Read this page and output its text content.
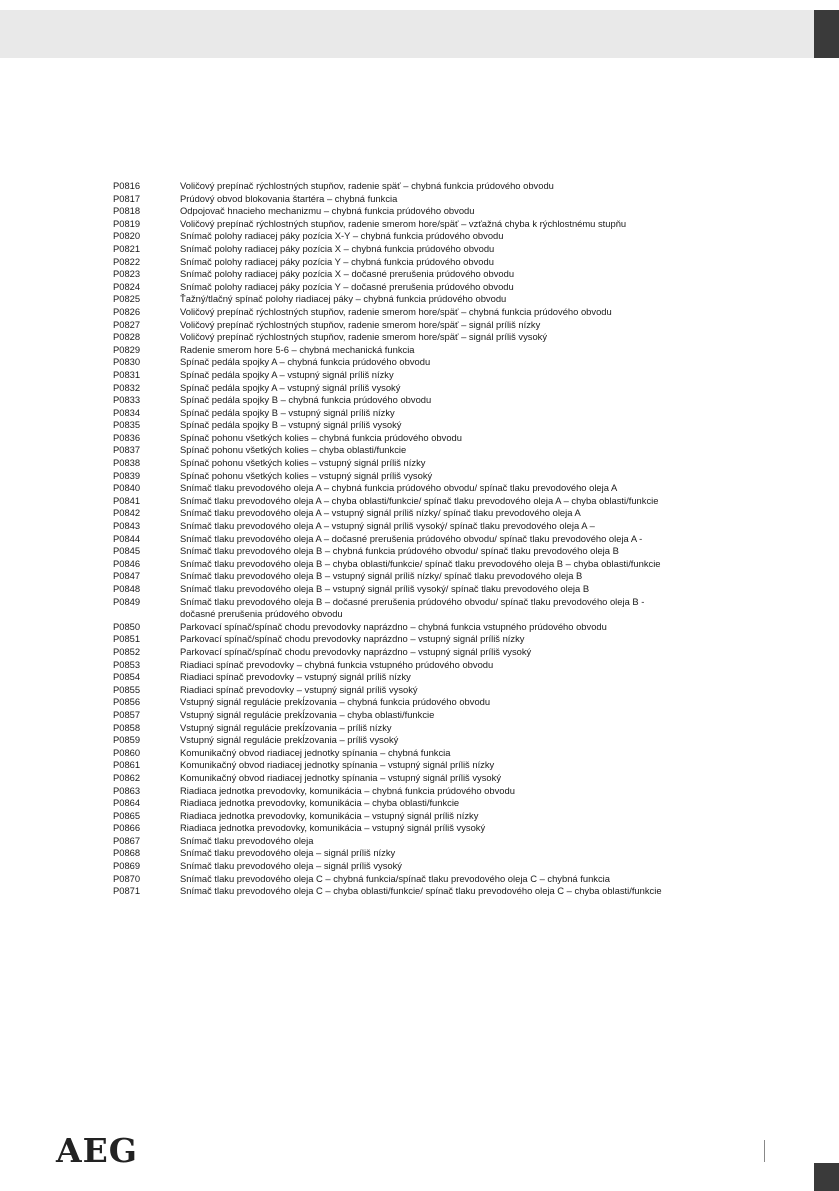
P0816	Voličový prepínač rýchlostných stupňov, radenie späť – chybná funkcia prúdového obvodu
P0817	Prúdový obvod blokovania štartéra – chybná funkcia
P0818	Odpojovač hnacieho mechanizmu – chybná funkcia prúdového obvodu
P0819	Voličový prepínač rýchlostných stupňov, radenie smerom hore/späť – vzťažná chyba k rýchlostnému stupňu
P0820	Snímač polohy radiacej páky pozícia X-Y – chybná funkcia prúdového obvodu
P0821	Snímač polohy radiacej páky pozícia X – chybná funkcia prúdového obvodu
P0822	Snímač polohy radiacej páky pozícia Y – chybná funkcia prúdového obvodu
P0823	Snímač polohy radiacej páky pozícia X – dočasné prerušenia prúdového obvodu
P0824	Snímač polohy radiacej páky pozícia Y – dočasné prerušenia prúdového obvodu
P0825	Ťažný/tlačný spínač polohy riadiacej páky – chybná funkcia prúdového obvodu
P0826	Voličový prepínač rýchlostných stupňov, radenie smerom hore/späť – chybná funkcia prúdového obvodu
P0827	Voličový prepínač rýchlostných stupňov, radenie smerom hore/späť – signál príliš nízky
P0828	Voličový prepínač rýchlostných stupňov, radenie smerom hore/späť – signál príliš vysoký
P0829	Radenie smerom hore 5-6 – chybná mechanická funkcia
P0830	Spínač pedála spojky A – chybná funkcia prúdového obvodu
P0831	Spínač pedála spojky A – vstupný signál príliš nízky
P0832	Spínač pedála spojky A – vstupný signál príliš vysoký
P0833	Spínač pedála spojky B – chybná funkcia prúdového obvodu
P0834	Spínač pedála spojky B – vstupný signál príliš nízky
P0835	Spínač pedála spojky B – vstupný signál príliš vysoký
P0836	Spínač pohonu všetkých kolies – chybná funkcia prúdového obvodu
P0837	Spínač pohonu všetkých kolies – chyba oblasti/funkcie
P0838	Spínač pohonu všetkých kolies – vstupný signál príliš nízky
P0839	Spínač pohonu všetkých kolies – vstupný signál príliš vysoký
P0840	Snímač tlaku prevodového oleja A – chybná funkcia prúdového obvodu/ spínač tlaku prevodového oleja A
P0841	Snímač tlaku prevodového oleja A – chyba oblasti/funkcie/ spínač tlaku prevodového oleja A – chyba oblasti/funkcie
P0842	Snímač tlaku prevodového oleja A – vstupný signál príliš nízky/ spínač tlaku prevodového oleja A
P0843	Snímač tlaku prevodového oleja A – vstupný signál príliš vysoký/ spínač tlaku prevodového oleja A –
P0844	Snímač tlaku prevodového oleja A – dočasné prerušenia prúdového obvodu/ spínač tlaku prevodového oleja A -
P0845	Snímač tlaku prevodového oleja B – chybná funkcia prúdového obvodu/ spínač tlaku prevodového oleja B
P0846	Snímač tlaku prevodového oleja B – chyba oblasti/funkcie/ spínač tlaku prevodového oleja B – chyba oblasti/funkcie
P0847	Snímač tlaku prevodového oleja B – vstupný signál príliš nízky/ spínač tlaku prevodového oleja B
P0848	Snímač tlaku prevodového oleja B – vstupný signál príliš vysoký/ spínač tlaku prevodového oleja B
P0849	Snímač tlaku prevodového oleja B – dočasné prerušenia prúdového obvodu/ spínač tlaku prevodového oleja B -
dočasné prerušenia prúdového obvodu
P0850	Parkovací spínač/spínač chodu prevodovky naprázdno – chybná funkcia vstupného prúdového obvodu
P0851	Parkovací spínač/spínač chodu prevodovky naprázdno – vstupný signál príliš nízky
P0852	Parkovací spínač/spínač chodu prevodovky naprázdno – vstupný signál príliš vysoký
P0853	Riadiaci spínač prevodovky – chybná funkcia vstupného prúdového obvodu
P0854	Riadiaci spínač prevodovky – vstupný signál príliš nízky
P0855	Riadiaci spínač prevodovky – vstupný signál príliš vysoký
P0856	Vstupný signál regulácie prekĺzovania – chybná funkcia prúdového obvodu
P0857	Vstupný signál regulácie prekĺzovania – chyba oblasti/funkcie
P0858	Vstupný signál regulácie prekĺzovania – príliš nízky
P0859	Vstupný signál regulácie prekĺzovania – príliš vysoký
P0860	Komunikačný obvod riadiacej jednotky spínania – chybná funkcia
P0861	Komunikačný obvod riadiacej jednotky spínania – vstupný signál príliš nízky
P0862	Komunikačný obvod riadiacej jednotky spínania – vstupný signál príliš vysoký
P0863	Riadiaca jednotka prevodovky, komunikácia – chybná funkcia prúdového obvodu
P0864	Riadiaca jednotka prevodovky, komunikácia – chyba oblasti/funkcie
P0865	Riadiaca jednotka prevodovky, komunikácia – vstupný signál príliš nízky
P0866	Riadiaca jednotka prevodovky, komunikácia – vstupný signál príliš vysoký
P0867	Snímač tlaku prevodového oleja
P0868	Snímač tlaku prevodového oleja – signál príliš nízky
P0869	Snímač tlaku prevodového oleja – signál príliš vysoký
P0870	Snímač tlaku prevodového oleja C – chybná funkcia/spínač tlaku prevodového oleja C – chybná funkcia
P0871	Snímač tlaku prevodového oleja C – chyba oblasti/funkcie/ spínač tlaku prevodového oleja C – chyba oblasti/funkcie
AEG
